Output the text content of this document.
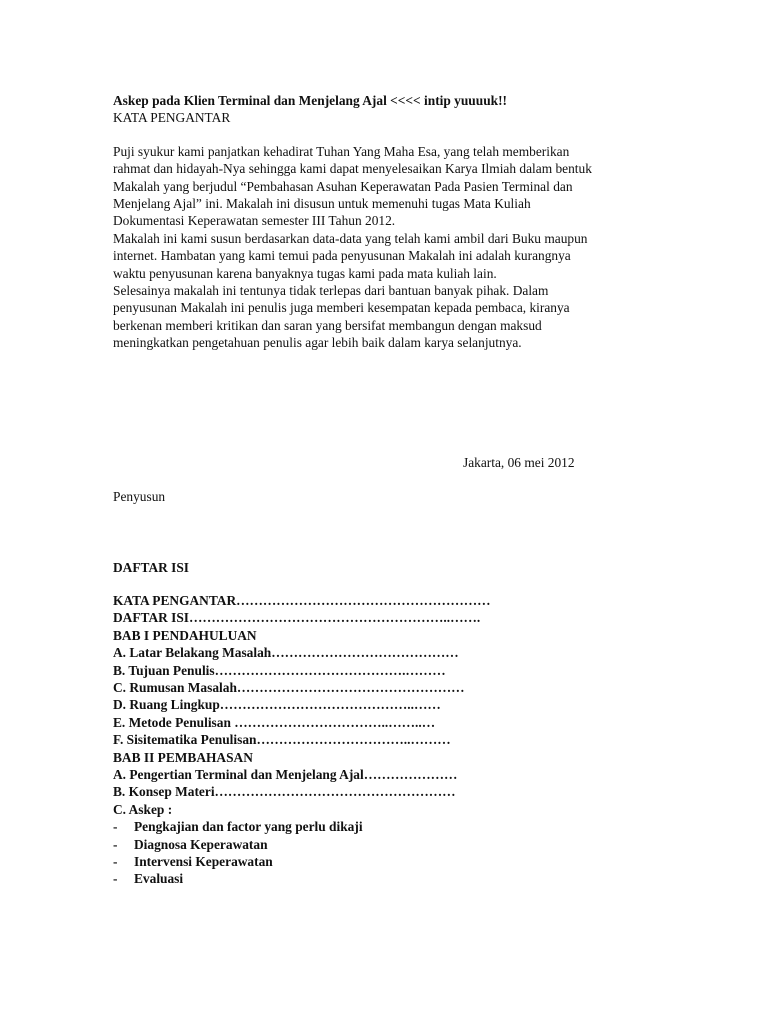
Askep pada Klien Terminal dan Menjelang Ajal <<<< intip yuuuuk!!
KATA PENGANTAR
Puji syukur kami panjatkan kehadirat Tuhan Yang Maha Esa, yang telah memberikan
rahmat dan hidayah-Nya sehingga kami dapat menyelesaikan Karya Ilmiah dalam bentuk
Makalah yang berjudul “Pembahasan Asuhan Keperawatan Pada Pasien Terminal dan
Menjelang Ajal” ini. Makalah ini disusun untuk memenuhi tugas Mata Kuliah
Dokumentasi Keperawatan semester III Tahun 2012.
Makalah ini kami susun berdasarkan data-data yang telah kami ambil dari Buku maupun
internet. Hambatan yang kami temui pada penyusunan Makalah ini adalah kurangnya
waktu penyusunan karena banyaknya tugas kami pada mata kuliah lain.
Selesainya makalah ini tentunya tidak terlepas dari bantuan banyak pihak. Dalam
penyusunan Makalah ini penulis juga memberi kesempatan kepada pembaca, kiranya
berkenan memberi kritikan dan saran yang bersifat membangun dengan maksud
meningkatkan pengetahuan penulis agar lebih baik dalam karya selanjutnya.
Jakarta, 06 mei 2012
Penyusun
DAFTAR ISI
KATA PENGANTAR…………………………………………………
DAFTAR ISI…………………………………………………..…….
BAB I PENDAHULUAN
A. Latar Belakang Masalah……………………………………
B. Tujuan Penulis…………………………………….………
C. Rumusan Masalah……………………………………………
D. Ruang Lingkup……………………………………..……
E. Metode Penulisan ……………………………..……..…
F. Sisitematika Penulisan……………………………..………
BAB II PEMBAHASAN
A. Pengertian Terminal dan Menjelang Ajal…………………
B. Konsep Materi………………………………………………
C. Askep :
-	Pengkajian dan factor yang perlu dikaji
-	Diagnosa Keperawatan
-	Intervensi Keperawatan
-	Evaluasi
